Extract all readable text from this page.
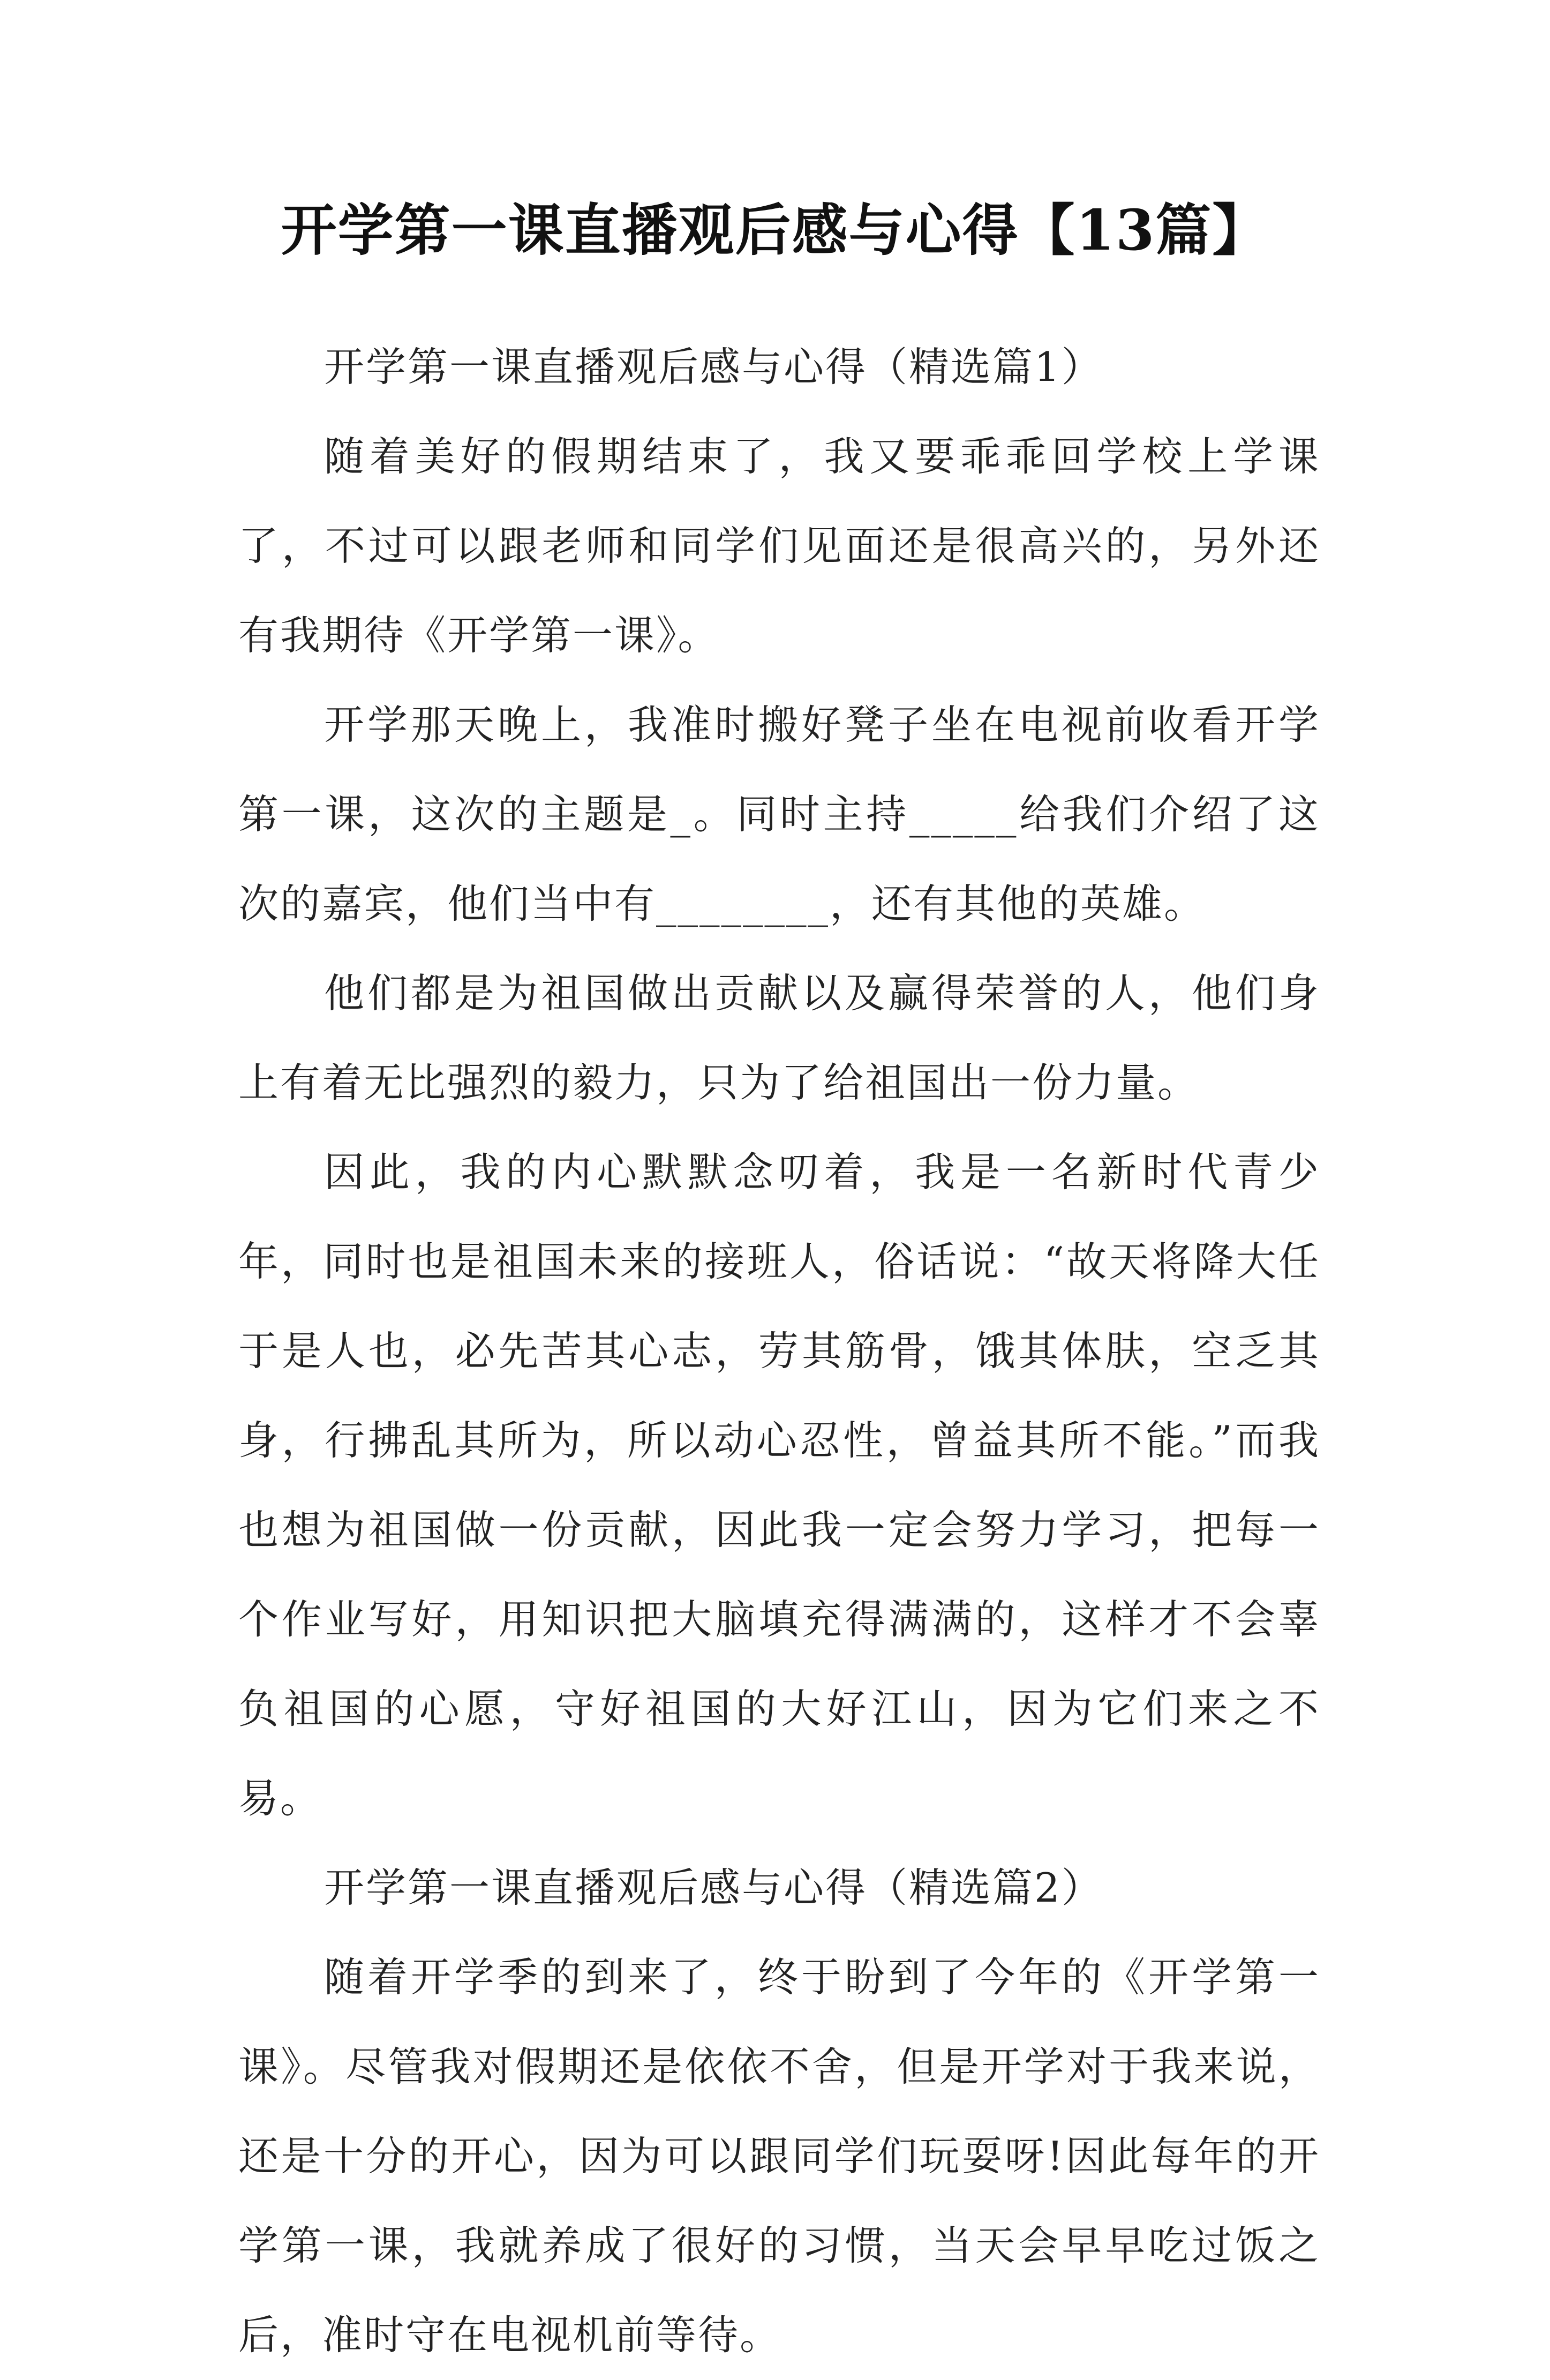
开学第一课直播观后感与心得【13篇】

开学第一课直播观后感与心得（精选篇1）

随着美好的假期结束了，我又要乖乖回学校上学课了，不过可以跟老师和同学们见面还是很高兴的，另外还有我期待《开学第一课》。

开学那天晚上，我准时搬好凳子坐在电视前收看开学第一课，这次的主题是_。同时主持_____给我们介绍了这次的嘉宾，他们当中有________，还有其他的英雄。

他们都是为祖国做出贡献以及赢得荣誉的人，他们身上有着无比强烈的毅力，只为了给祖国出一份力量。

因此，我的内心默默念叨着，我是一名新时代青少年，同时也是祖国未来的接班人，俗话说：“故天将降大任于是人也，必先苦其心志，劳其筋骨，饿其体肤，空乏其身，行拂乱其所为，所以动心忍性，曾益其所不能。”而我也想为祖国做一份贡献，因此我一定会努力学习，把每一个作业写好，用知识把大脑填充得满满的，这样才不会辜负祖国的心愿，守好祖国的大好江山，因为它们来之不易。

开学第一课直播观后感与心得（精选篇2）

随着开学季的到来了，终于盼到了今年的《开学第一课》。尽管我对假期还是依依不舍，但是开学对于我来说，还是十分的开心，因为可以跟同学们玩耍呀!因此每年的开学第一课，我就养成了很好的习惯，当天会早早吃过饭之后，准时守在电视机前等待。
